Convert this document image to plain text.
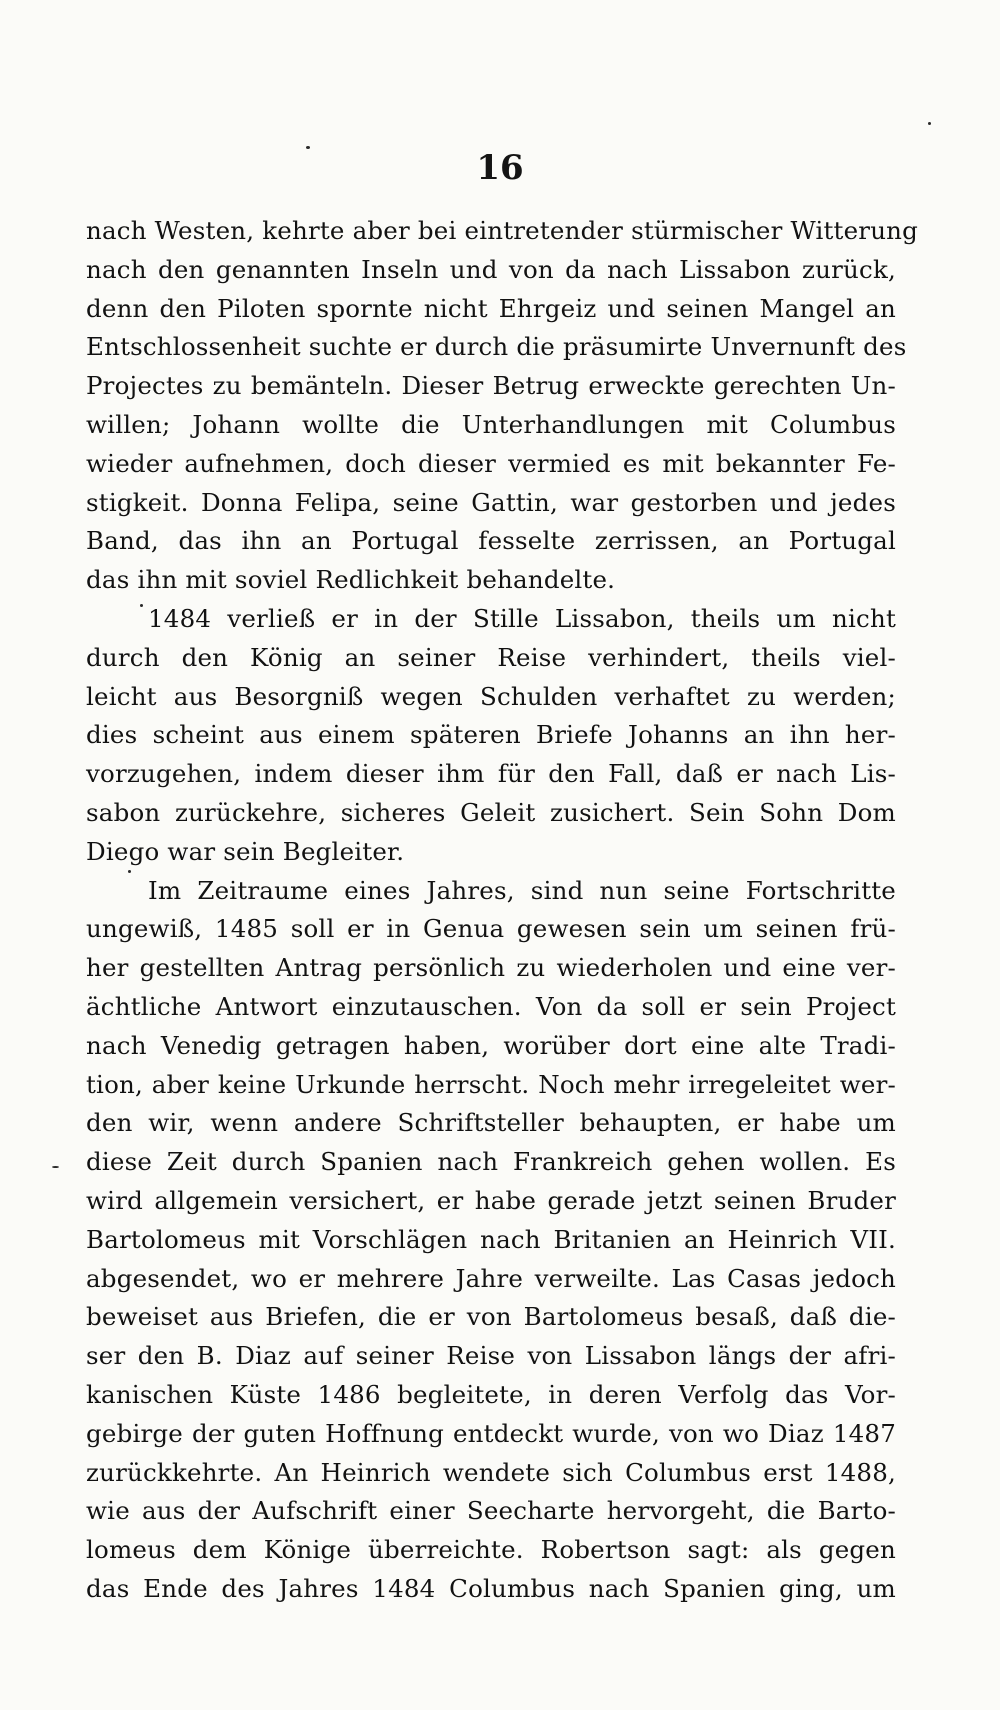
16
nach Westen, kehrte aber bei eintretender stürmischer Witterung
nach den genannten Inseln und von da nach Lissabon zurück,
denn den Piloten spornte nicht Ehrgeiz und seinen Mangel an
Entschlossenheit suchte er durch die präsumirte Unvernunft des
Projectes zu bemänteln. Dieser Betrug erweckte gerechten Un-
willen; Johann wollte die Unterhandlungen mit Columbus
wieder aufnehmen, doch dieser vermied es mit bekannter Fe-
stigkeit. Donna Felipa, seine Gattin, war gestorben und jedes
Band, das ihn an Portugal fesselte zerrissen, an Portugal
das ihn mit soviel Redlichkeit behandelte.
1484 verließ er in der Stille Lissabon, theils um nicht
durch den König an seiner Reise verhindert, theils viel-
leicht aus Besorgniß wegen Schulden verhaftet zu werden;
dies scheint aus einem späteren Briefe Johanns an ihn her-
vorzugehen, indem dieser ihm für den Fall, daß er nach Lis-
sabon zurückehre, sicheres Geleit zusichert. Sein Sohn Dom
Diego war sein Begleiter.
Im Zeitraume eines Jahres, sind nun seine Fortschritte
ungewiß, 1485 soll er in Genua gewesen sein um seinen frü-
her gestellten Antrag persönlich zu wiederholen und eine ver-
ächtliche Antwort einzutauschen. Von da soll er sein Project
nach Venedig getragen haben, worüber dort eine alte Tradi-
tion, aber keine Urkunde herrscht. Noch mehr irregeleitet wer-
den wir, wenn andere Schriftsteller behaupten, er habe um
diese Zeit durch Spanien nach Frankreich gehen wollen. Es
wird allgemein versichert, er habe gerade jetzt seinen Bruder
Bartolomeus mit Vorschlägen nach Britanien an Heinrich VII.
abgesendet, wo er mehrere Jahre verweilte. Las Casas jedoch
beweiset aus Briefen, die er von Bartolomeus besaß, daß die-
ser den B. Diaz auf seiner Reise von Lissabon längs der afri-
kanischen Küste 1486 begleitete, in deren Verfolg das Vor-
gebirge der guten Hoffnung entdeckt wurde, von wo Diaz 1487
zurückkehrte. An Heinrich wendete sich Columbus erst 1488,
wie aus der Aufschrift einer Seecharte hervorgeht, die Barto-
lomeus dem Könige überreichte. Robertson sagt: als gegen
das Ende des Jahres 1484 Columbus nach Spanien ging, um
